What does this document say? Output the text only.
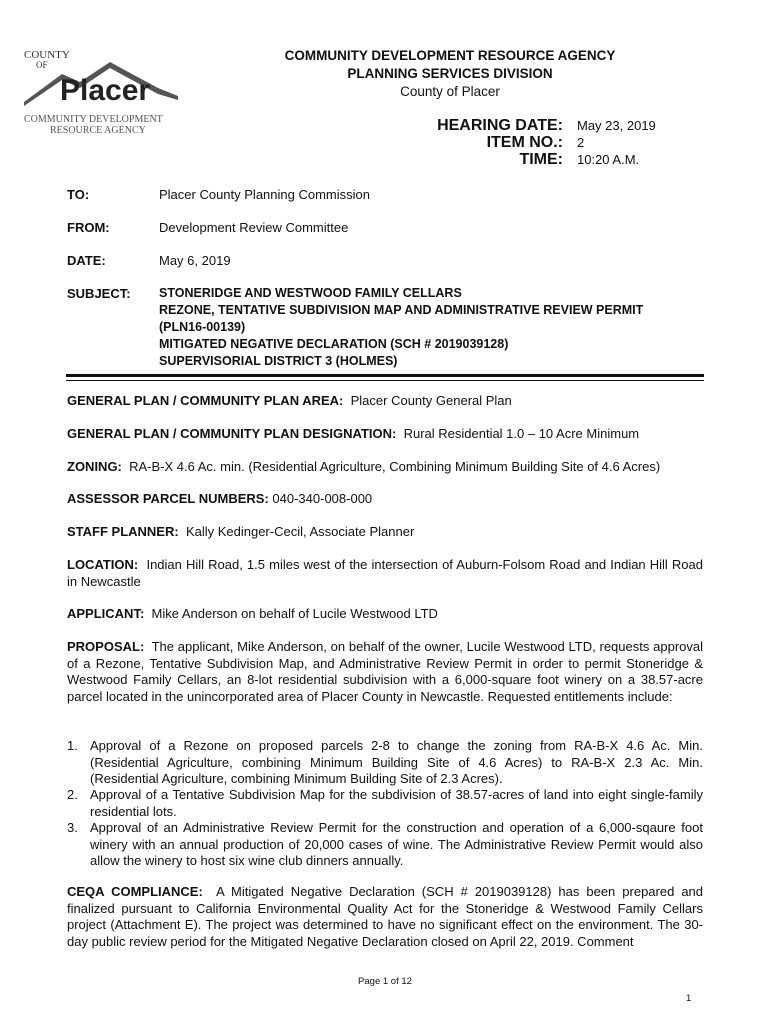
COUNTY
OF
Placer
COMMUNITY DEVELOPMENT
RESOURCE AGENCY
COMMUNITY DEVELOPMENT RESOURCE AGENCY
PLANNING SERVICES DIVISION
County of Placer
HEARING DATE: May 23, 2019
ITEM NO.: 2
TIME: 10:20 A.M.
TO:	Placer County Planning Commission
FROM:	Development Review Committee
DATE:	May 6, 2019
SUBJECT: STONERIDGE AND WESTWOOD FAMILY CELLARS
REZONE, TENTATIVE SUBDIVISION MAP AND ADMINISTRATIVE REVIEW PERMIT
(PLN16-00139)
MITIGATED NEGATIVE DECLARATION (SCH # 2019039128)
SUPERVISORIAL DISTRICT 3 (HOLMES)
GENERAL PLAN / COMMUNITY PLAN AREA: Placer County General Plan
GENERAL PLAN / COMMUNITY PLAN DESIGNATION: Rural Residential 1.0 – 10 Acre Minimum
ZONING: RA-B-X 4.6 Ac. min. (Residential Agriculture, Combining Minimum Building Site of 4.6 Acres)
ASSESSOR PARCEL NUMBERS: 040-340-008-000
STAFF PLANNER: Kally Kedinger-Cecil, Associate Planner
LOCATION: Indian Hill Road, 1.5 miles west of the intersection of Auburn-Folsom Road and Indian Hill Road in Newcastle
APPLICANT: Mike Anderson on behalf of Lucile Westwood LTD
PROPOSAL: The applicant, Mike Anderson, on behalf of the owner, Lucile Westwood LTD, requests approval of a Rezone, Tentative Subdivision Map, and Administrative Review Permit in order to permit Stoneridge & Westwood Family Cellars, an 8-lot residential subdivision with a 6,000-square foot winery on a 38.57-acre parcel located in the unincorporated area of Placer County in Newcastle. Requested entitlements include:
1. Approval of a Rezone on proposed parcels 2-8 to change the zoning from RA-B-X 4.6 Ac. Min. (Residential Agriculture, combining Minimum Building Site of 4.6 Acres) to RA-B-X 2.3 Ac. Min. (Residential Agriculture, combining Minimum Building Site of 2.3 Acres).
2. Approval of a Tentative Subdivision Map for the subdivision of 38.57-acres of land into eight single-family residential lots.
3. Approval of an Administrative Review Permit for the construction and operation of a 6,000-sqaure foot winery with an annual production of 20,000 cases of wine. The Administrative Review Permit would also allow the winery to host six wine club dinners annually.
CEQA COMPLIANCE: A Mitigated Negative Declaration (SCH # 2019039128) has been prepared and finalized pursuant to California Environmental Quality Act for the Stoneridge & Westwood Family Cellars project (Attachment E). The project was determined to have no significant effect on the environment. The 30-day public review period for the Mitigated Negative Declaration closed on April 22, 2019. Comment
Page 1 of 12
1
